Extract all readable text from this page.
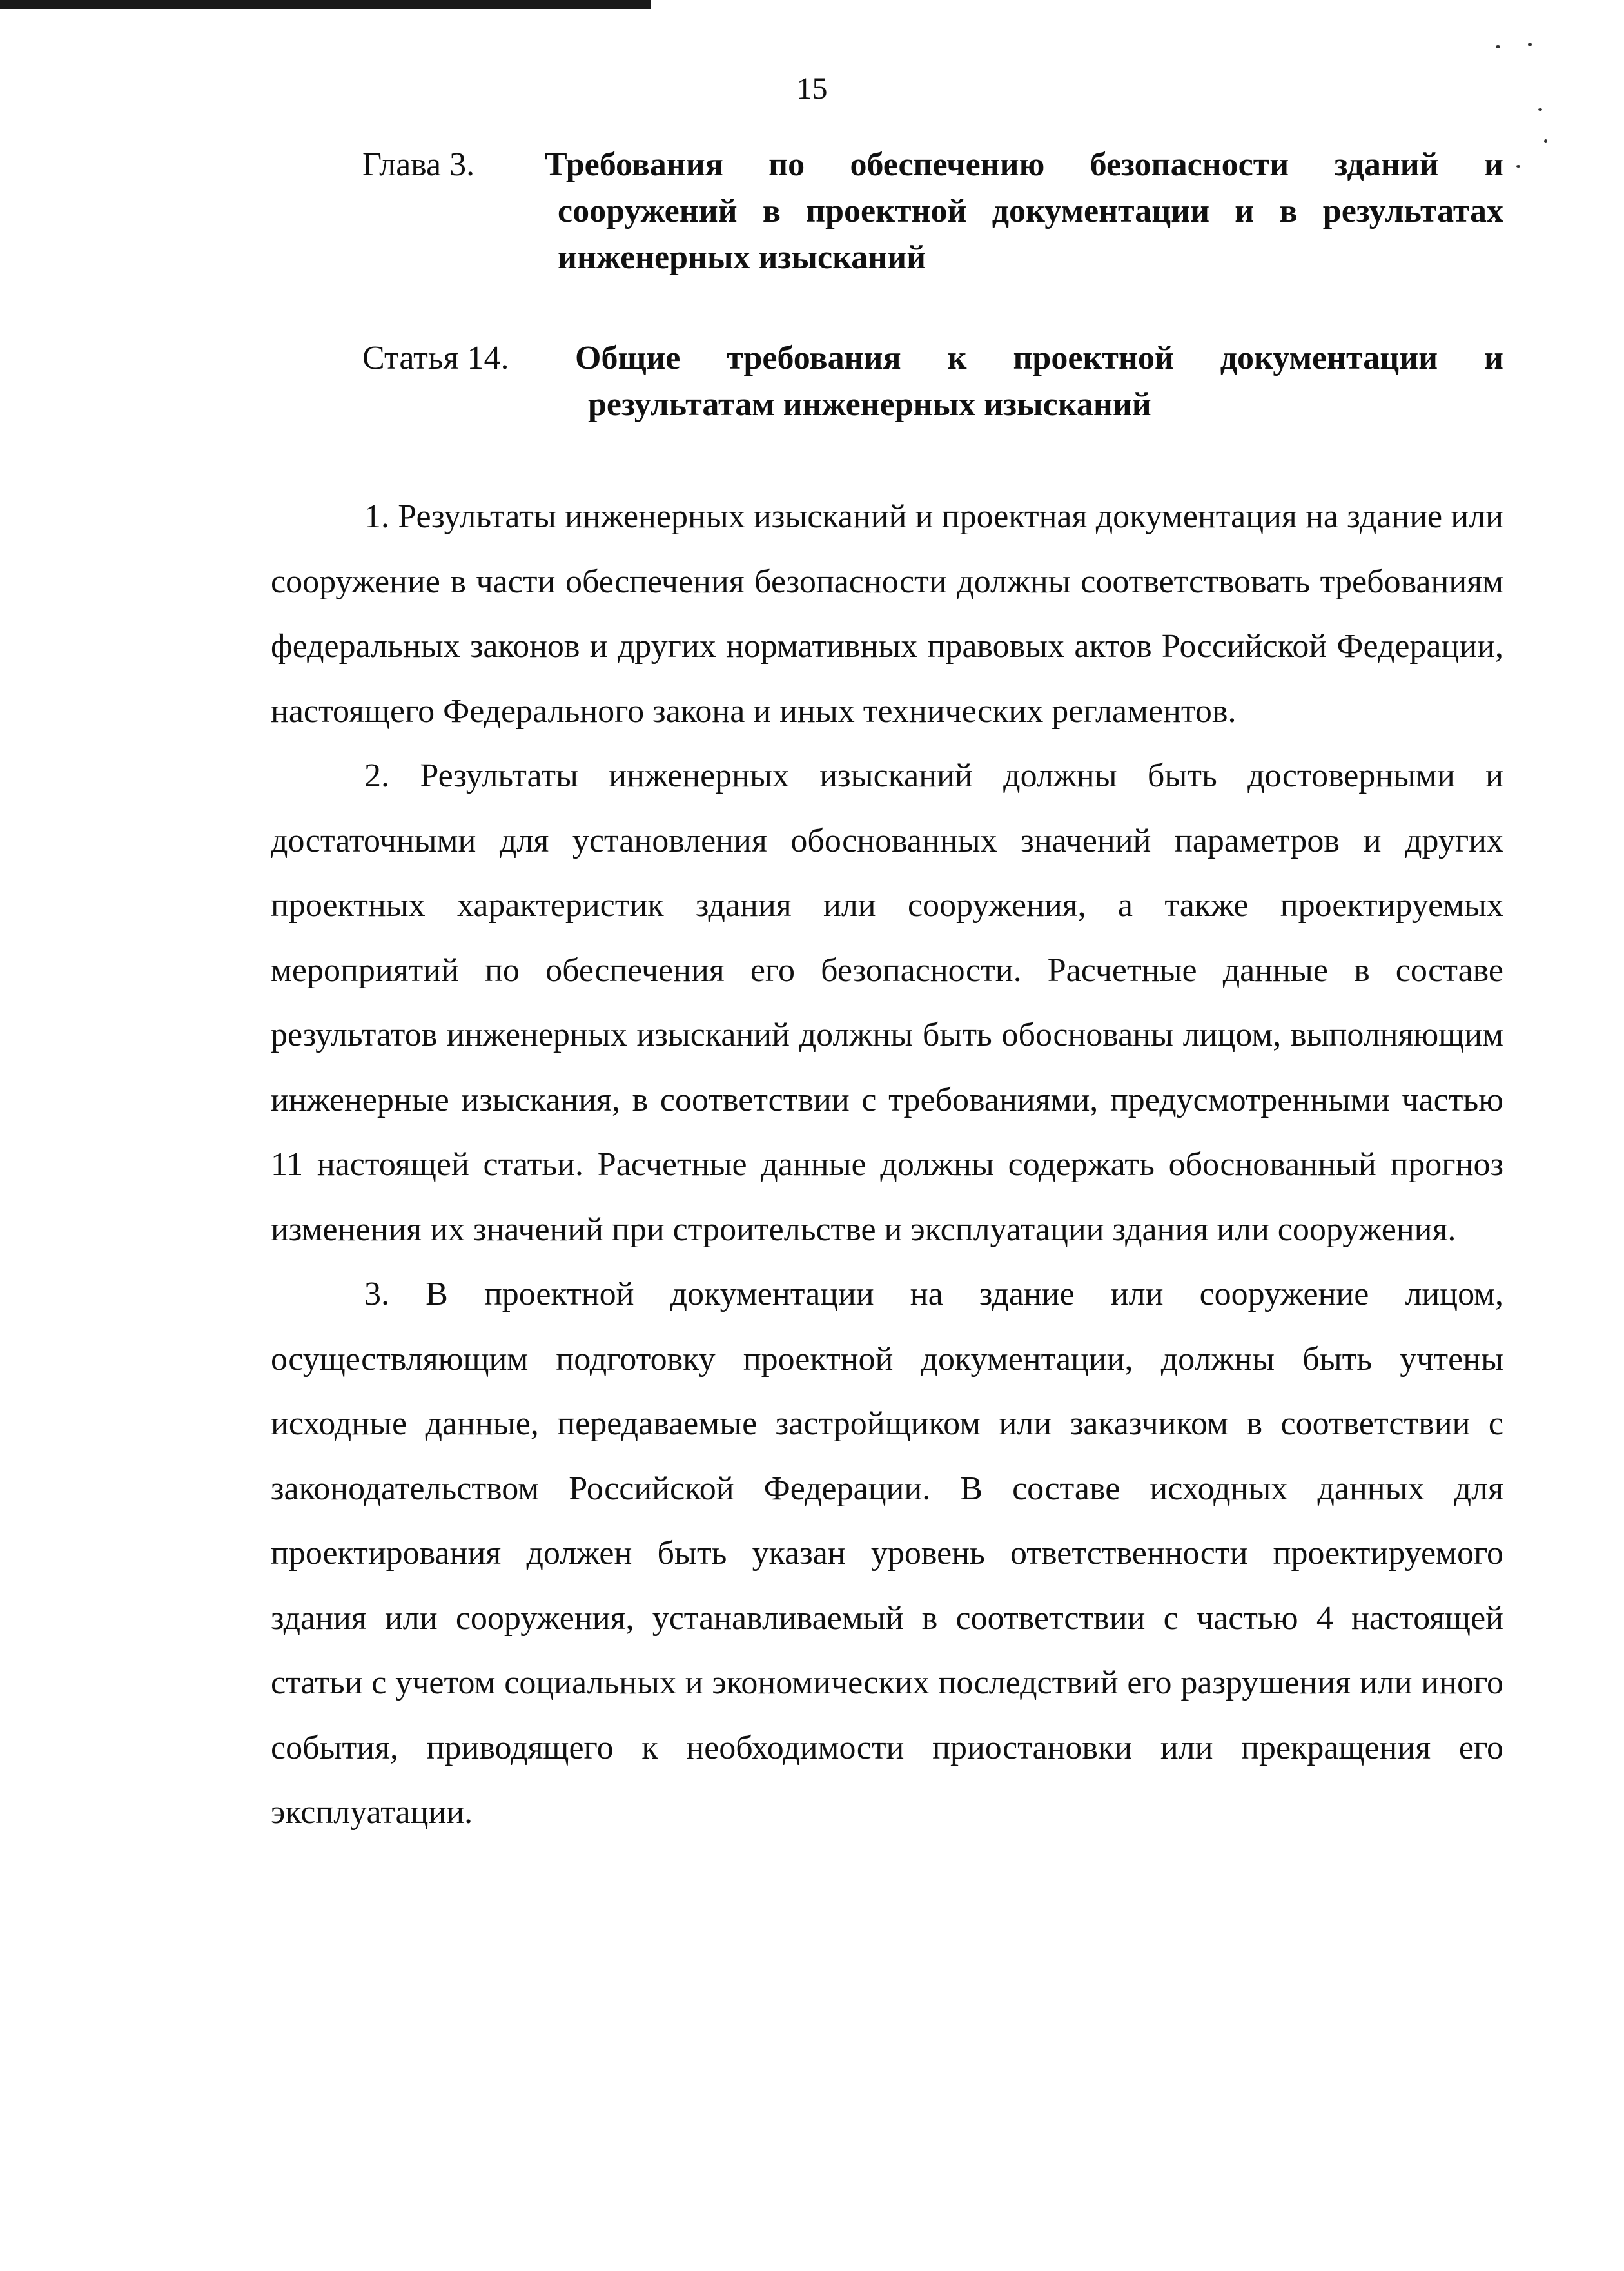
15
Глава 3. Требования по обеспечению безопасности зданий и сооружений в проектной документации и в результатах инженерных изысканий
Статья 14. Общие требования к проектной документации и результатам инженерных изысканий

1. Результаты инженерных изысканий и проектная документация на здание или сооружение в части обеспечения безопасности должны соответствовать требованиям федеральных законов и других нормативных правовых актов Российской Федерации, настоящего Федерального закона и иных технических регламентов.

2. Результаты инженерных изысканий должны быть достоверными и достаточными для установления обоснованных значений параметров и других проектных характеристик здания или сооружения, а также проектируемых мероприятий по обеспечения его безопасности. Расчетные данные в составе результатов инженерных изысканий должны быть обоснованы лицом, выполняющим инженерные изыскания, в соответствии с требованиями, предусмотренными частью 11 настоящей статьи. Расчетные данные должны содержать обоснованный прогноз изменения их значений при строительстве и эксплуатации здания или сооружения.

3. В проектной документации на здание или сооружение лицом, осуществляющим подготовку проектной документации, должны быть учтены исходные данные, передаваемые застройщиком или заказчиком в соответствии с законодательством Российской Федерации. В составе исходных данных для проектирования должен быть указан уровень ответственности проектируемого здания или сооружения, устанавливаемый в соответствии с частью 4 настоящей статьи с учетом социальных и экономических последствий его разрушения или иного события, приводящего к необходимости приостановки или прекращения его эксплуатации.
